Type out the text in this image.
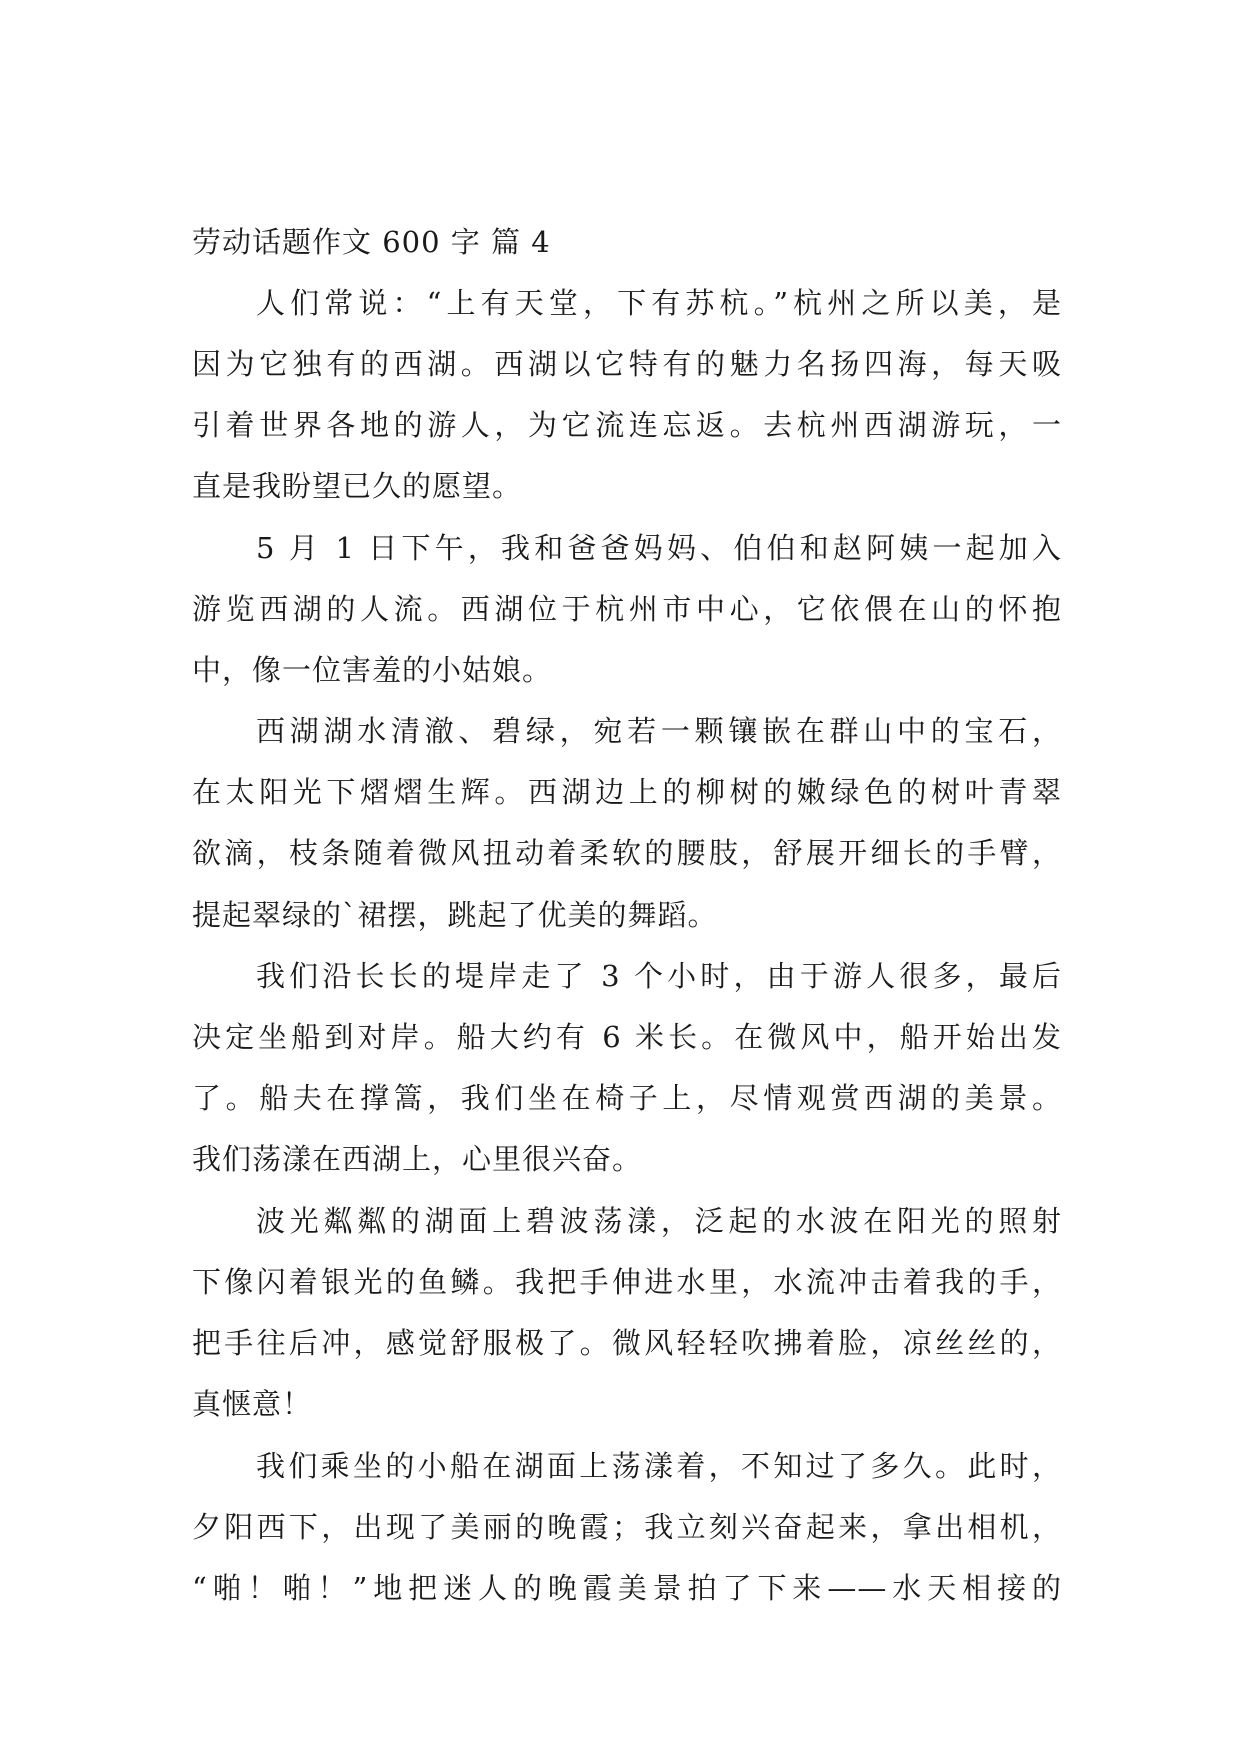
劳动话题作文 600 字 篇 4
人们常说：“上有天堂，下有苏杭。”杭州之所以美，是
因为它独有的西湖。西湖以它特有的魅力名扬四海，每天吸
引着世界各地的游人，为它流连忘返。去杭州西湖游玩，一
直是我盼望已久的愿望。
5 月 1 日下午，我和爸爸妈妈、伯伯和赵阿姨一起加入
游览西湖的人流。西湖位于杭州市中心，它依偎在山的怀抱
中，像一位害羞的小姑娘。
西湖湖水清澈、碧绿，宛若一颗镶嵌在群山中的宝石，
在太阳光下熠熠生辉。西湖边上的柳树的嫩绿色的树叶青翠
欲滴，枝条随着微风扭动着柔软的腰肢，舒展开细长的手臂，
提起翠绿的`裙摆，跳起了优美的舞蹈。
我们沿长长的堤岸走了 3 个小时，由于游人很多，最后
决定坐船到对岸。船大约有 6 米长。在微风中，船开始出发
了。船夫在撑篙，我们坐在椅子上，尽情观赏西湖的美景。
我们荡漾在西湖上，心里很兴奋。
波光粼粼的湖面上碧波荡漾，泛起的水波在阳光的照射
下像闪着银光的鱼鳞。我把手伸进水里，水流冲击着我的手，
把手往后冲，感觉舒服极了。微风轻轻吹拂着脸，凉丝丝的，
真惬意！
我们乘坐的小船在湖面上荡漾着，不知过了多久。此时，
夕阳西下，出现了美丽的晚霞；我立刻兴奋起来，拿出相机，
“啪！啪！”地把迷人的晚霞美景拍了下来——水天相接的
